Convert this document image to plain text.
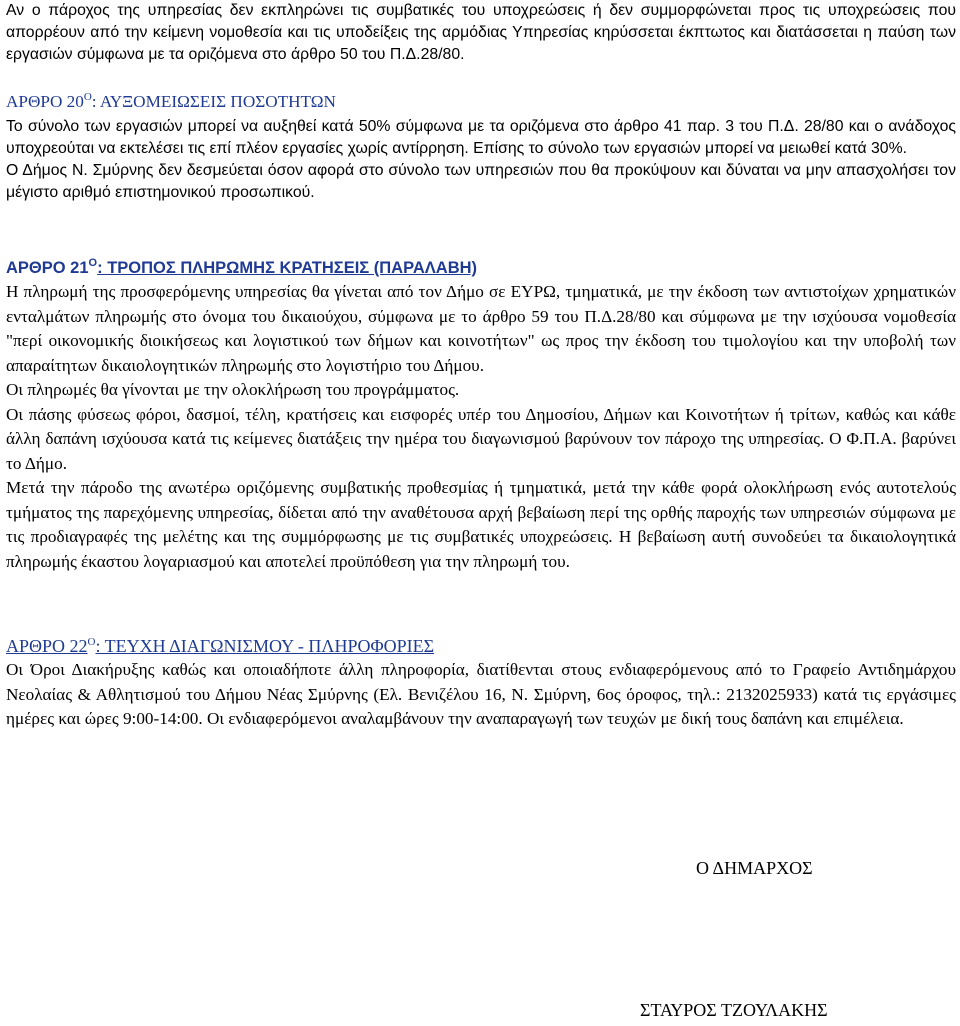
Αν ο πάροχος της υπηρεσίας δεν εκπληρώνει τις συμβατικές του υποχρεώσεις ή δεν συμμορφώνεται προς τις υποχρεώσεις που απορρέουν από την κείμενη νομοθεσία και τις υποδείξεις της αρμόδιας Υπηρεσίας κηρύσσεται έκπτωτος και διατάσσεται η παύση των εργασιών σύμφωνα με τα οριζόμενα στο άρθρο 50 του Π.Δ.28/80.

ΑΡΘΡΟ $20^O$: ΑΥΞΟΜΕΙΩΣΕΙΣ ΠΟΣΟΤΗΤΩΝ

Το σύνολο των εργασιών μπορεί να αυξηθεί κατά 50% σύμφωνα με τα οριζόμενα στο άρθρο 41 παρ. 3 του Π.Δ. 28/80 και ο ανάδοχος υποχρεούται να εκτελέσει τις επί πλέον εργασίες χωρίς αντίρρηση. Επίσης το σύνολο των εργασιών μπορεί να μειωθεί κατά 30%.

Ο Δήμος Ν. Σμύρνης δεν δεσμεύεται όσον αφορά στο σύνολο των υπηρεσιών που θα προκύψουν και δύναται να μην απασχολήσει τον μέγιστο αριθμό επιστημονικού προσωπικού.

ΑΡΘΡΟ $21^O$: ΤΡΟΠΟΣ ΠΛΗΡΩΜΗΣ ΚΡΑΤΗΣΕΙΣ (ΠΑΡΑΛΑΒΗ)

Η πληρωμή της προσφερόμενης υπηρεσίας θα γίνεται από τον Δήμο σε ΕΥΡΩ, τμηματικά, με την έκδοση των αντιστοίχων χρηματικών ενταλμάτων πληρωμής στο όνομα του δικαιούχου, σύμφωνα με το άρθρο 59 του Π.Δ.28/80 και σύμφωνα με την ισχύουσα νομοθεσία "περί οικονομικής διοικήσεως και λογιστικού των δήμων και κοινοτήτων" ως προς την έκδοση του τιμολογίου και την υποβολή των απαραίτητων δικαιολογητικών πληρωμής στο λογιστήριο του Δήμου.

Οι πληρωμές θα γίνονται με την ολοκλήρωση του προγράμματος.

Οι πάσης φύσεως φόροι, δασμοί, τέλη, κρατήσεις και εισφορές υπέρ του Δημοσίου, Δήμων και Κοινοτήτων ή τρίτων, καθώς και κάθε άλλη δαπάνη ισχύουσα κατά τις κείμενες διατάξεις την ημέρα του διαγωνισμού βαρύνουν τον πάροχο της υπηρεσίας. Ο Φ.Π.Α. βαρύνει το Δήμο.

Μετά την πάροδο της ανωτέρω οριζόμενης συμβατικής προθεσμίας ή τμηματικά, μετά την κάθε φορά ολοκλήρωση ενός αυτοτελούς τμήματος της παρεχόμενης υπηρεσίας, δίδεται από την αναθέτουσα αρχή βεβαίωση περί της ορθής παροχής των υπηρεσιών σύμφωνα με τις προδιαγραφές της μελέτης και της συμμόρφωσης με τις συμβατικές υποχρεώσεις. Η βεβαίωση αυτή συνοδεύει τα δικαιολογητικά πληρωμής έκαστου λογαριασμού και αποτελεί προϋπόθεση για την πληρωμή του.

ΑΡΘΡΟ $22^O$: ΤΕΥΧΗ ΔΙΑΓΩΝΙΣΜΟΥ - ΠΛΗΡΟΦΟΡΙΕΣ

Οι Όροι Διακήρυξης καθώς και οποιαδήποτε άλλη πληροφορία, διατίθενται στους ενδιαφερόμενους από το Γραφείο Αντιδημάρχου Νεολαίας & Αθλητισμού του Δήμου Νέας Σμύρνης (Ελ. Βενιζέλου 16, Ν. Σμύρνη, 6ος όροφος, τηλ.: 2132025933) κατά τις εργάσιμες ημέρες και ώρες 9:00-14:00. Οι ενδιαφερόμενοι αναλαμβάνουν την αναπαραγωγή των τευχών με δική τους δαπάνη και επιμέλεια.

Ο ΔΗΜΑΡΧΟΣ
ΣΤΑΥΡΟΣ ΤΖΟΥΛΑΚΗΣ
